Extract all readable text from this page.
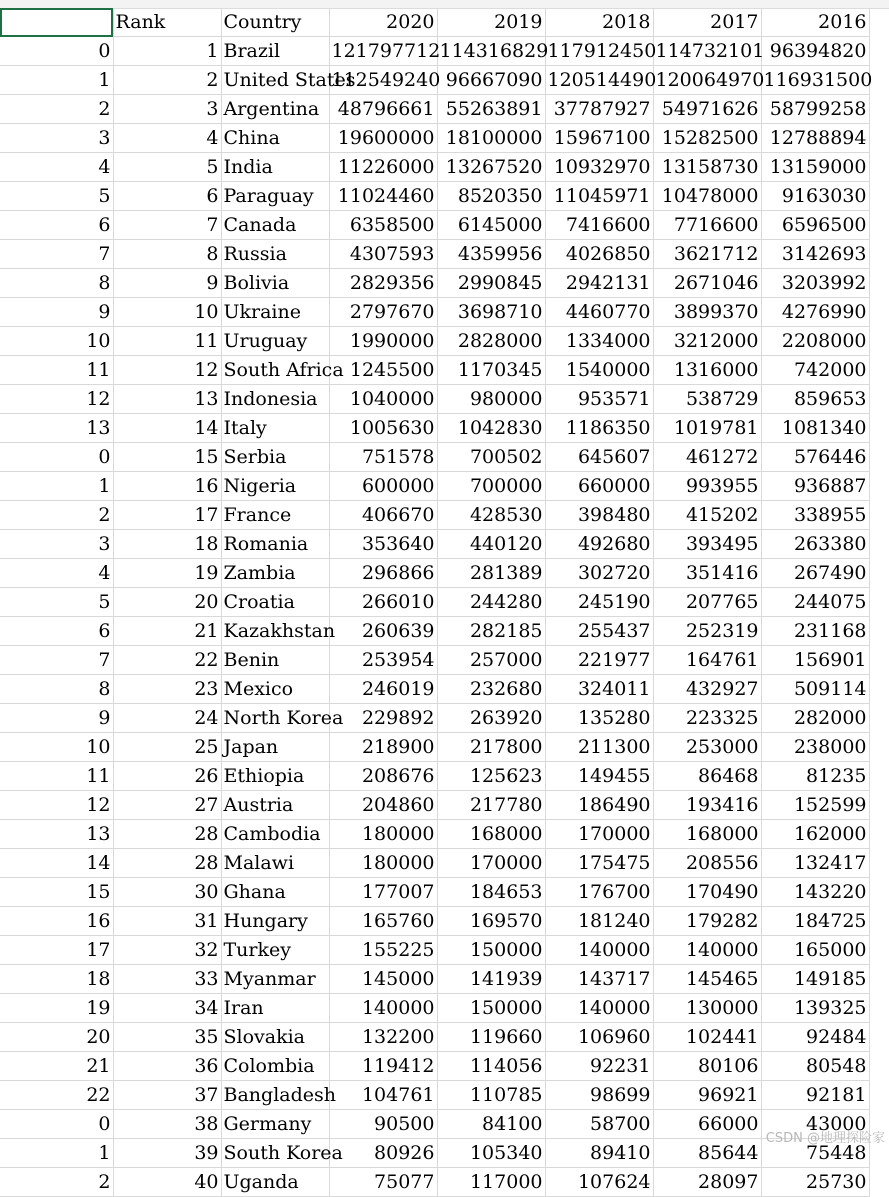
	Rank	Country	2020	2019	2018	2017	2016
0	1	Brazil	121797712	114316829	117912450	114732101	96394820
1	2	United States	112549240	96667090	120514490	120064970	116931500
2	3	Argentina	48796661	55263891	37787927	54971626	58799258
3	4	China	19600000	18100000	15967100	15282500	12788894
4	5	India	11226000	13267520	10932970	13158730	13159000
5	6	Paraguay	11024460	8520350	11045971	10478000	9163030
6	7	Canada	6358500	6145000	7416600	7716600	6596500
7	8	Russia	4307593	4359956	4026850	3621712	3142693
8	9	Bolivia	2829356	2990845	2942131	2671046	3203992
9	10	Ukraine	2797670	3698710	4460770	3899370	4276990
10	11	Uruguay	1990000	2828000	1334000	3212000	2208000
11	12	South Africa	1245500	1170345	1540000	1316000	742000
12	13	Indonesia	1040000	980000	953571	538729	859653
13	14	Italy	1005630	1042830	1186350	1019781	1081340
0	15	Serbia	751578	700502	645607	461272	576446
1	16	Nigeria	600000	700000	660000	993955	936887
2	17	France	406670	428530	398480	415202	338955
3	18	Romania	353640	440120	492680	393495	263380
4	19	Zambia	296866	281389	302720	351416	267490
5	20	Croatia	266010	244280	245190	207765	244075
6	21	Kazakhstan	260639	282185	255437	252319	231168
7	22	Benin	253954	257000	221977	164761	156901
8	23	Mexico	246019	232680	324011	432927	509114
9	24	North Korea	229892	263920	135280	223325	282000
10	25	Japan	218900	217800	211300	253000	238000
11	26	Ethiopia	208676	125623	149455	86468	81235
12	27	Austria	204860	217780	186490	193416	152599
13	28	Cambodia	180000	168000	170000	168000	162000
14	28	Malawi	180000	170000	175475	208556	132417
15	30	Ghana	177007	184653	176700	170490	143220
16	31	Hungary	165760	169570	181240	179282	184725
17	32	Turkey	155225	150000	140000	140000	165000
18	33	Myanmar	145000	141939	143717	145465	149185
19	34	Iran	140000	150000	140000	130000	139325
20	35	Slovakia	132200	119660	106960	102441	92484
21	36	Colombia	119412	114056	92231	80106	80548
22	37	Bangladesh	104761	110785	98699	96921	92181
0	38	Germany	90500	84100	58700	66000	43000
1	39	South Korea	80926	105340	89410	85644	75448
2	40	Uganda	75077	117000	107624	28097	25730
CSDN @地理探险家
